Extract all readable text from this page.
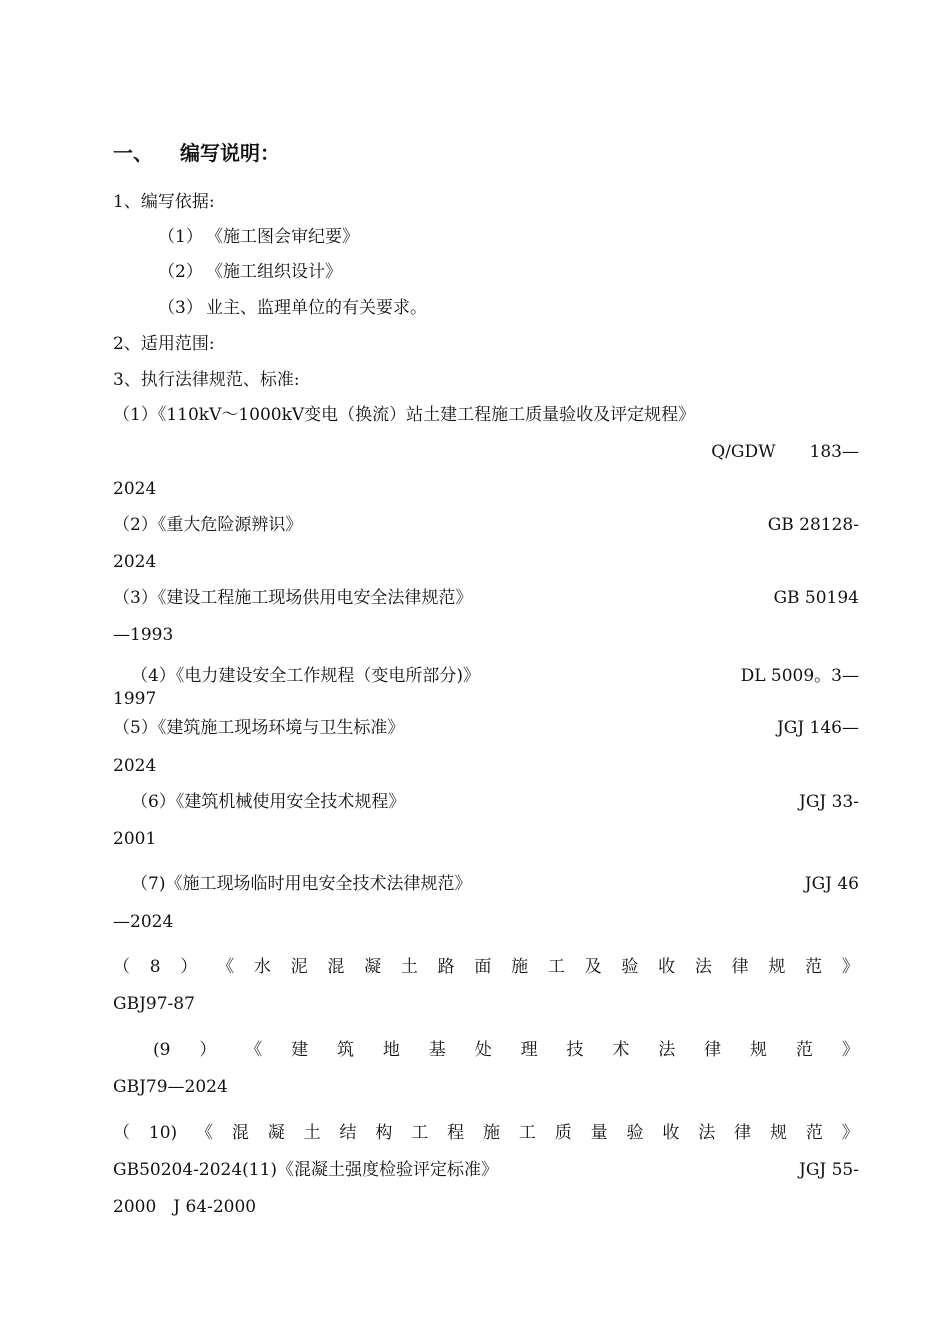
一、 编写说明：
1、编写依据:
（1） 《施工图会审纪要》
（2） 《施工组织设计》
（3） 业主、监理单位的有关要求。
2、适用范围:
3、执行法律规范、标准:
（1）《110kV～1000kV变电（换流）站土建工程施工质量验收及评定规程》
Q/GDW　　183—
2024
（2）《重大危险源辨识》	GB 28128-
2024
（3）《建设工程施工现场供用电安全法律规范》	GB 50194
—1993
（4）《电力建设安全工作规程（变电所部分)》	DL 5009。3—
1997
（5）《建筑施工现场环境与卫生标准》	JGJ 146—
2024
（6）《建筑机械使用安全技术规程》	JGJ 33-
2001
（7)《施工现场临时用电安全技术法律规范》	JGJ 46
—2024
（ 8 ） 《 水 泥 混 凝 土 路 面 施 工 及 验 收 法 律 规 范 》
GBJ97-87
(9 ） 《 建 筑 地 基 处 理 技 术 法 律 规 范 》
GBJ79—2024
（ 10) 《 混 凝 土 结 构 工 程 施 工 质 量 验 收 法 律 规 范 》
GB50204-2024(11)《混凝土强度检验评定标准》	JGJ 55-
2000　J 64-2000
